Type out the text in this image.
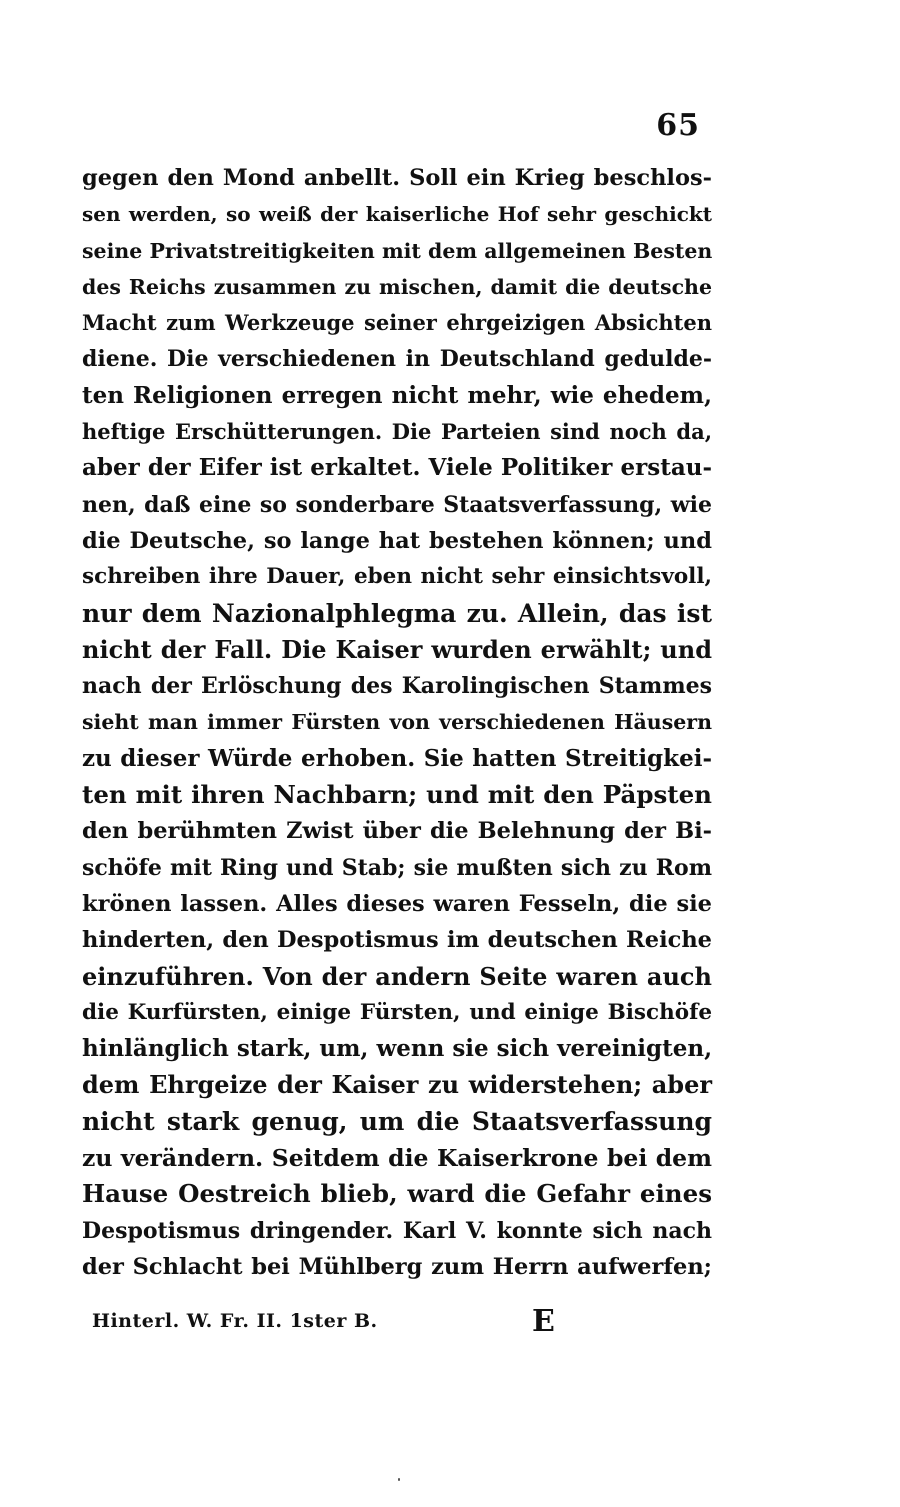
65
gegen den Mond anbellt. Soll ein Krieg beschlos-
sen werden, so weiß der kaiserliche Hof sehr geschickt
seine Privatstreitigkeiten mit dem allgemeinen Besten
des Reichs zusammen zu mischen, damit die deutsche
Macht zum Werkzeuge seiner ehrgeizigen Absichten
diene. Die verschiedenen in Deutschland geduldе-
ten Religionen erregen nicht mehr, wie ehedem,
heftige Erschütterungen. Die Parteien sind noch da,
aber der Eifer ist erkaltet. Viele Politiker erstau-
nen, daß eine so sonderbare Staatsverfassung, wie
die Deutsche, so lange hat bestehen können; und
schreiben ihre Dauer, eben nicht sehr einsichtsvoll,
nur dem Nazionalphlegma zu. Allein, das ist
nicht der Fall. Die Kaiser wurden erwählt; und
nach der Erlöschung des Karolingischen Stammes
sieht man immer Fürsten von verschiedenen Häusern
zu dieser Würde erhoben. Sie hatten Streitigkei-
ten mit ihren Nachbarn; und mit den Päpsten
den berühmten Zwist über die Belehnung der Bi-
schöfe mit Ring und Stab; sie mußten sich zu Rom
krönen lassen. Alles dieses waren Fesseln, die sie
hinderten, den Despotismus im deutschen Reiche
einzuführen. Von der andern Seite waren auch
die Kurfürsten, einige Fürsten, und einige Bischöfe
hinlänglich stark, um, wenn sie sich vereinigten,
dem Ehrgeize der Kaiser zu widerstehen; aber
nicht stark genug, um die Staatsverfassung
zu verändern. Seitdem die Kaiserkrone bei dem
Hause Oestreich blieb, ward die Gefahr eines
Despotismus dringender. Karl V. konnte sich nach
der Schlacht bei Mühlberg zum Herrn aufwerfen;
Hinterl. W. Fr. II. 1ster B.	E
